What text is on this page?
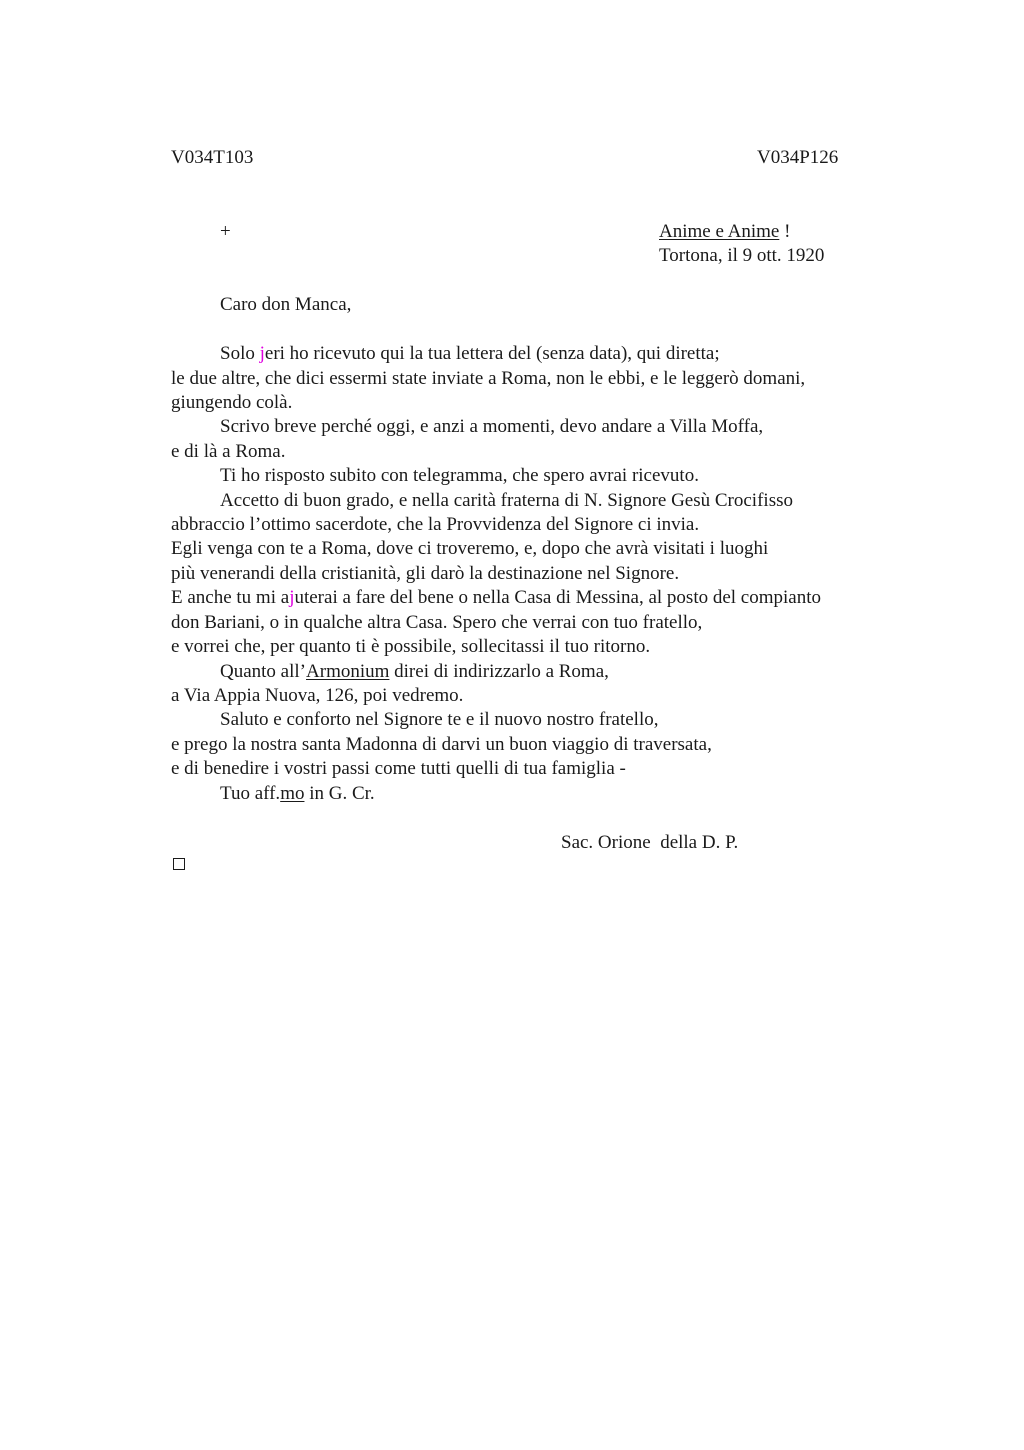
V034T103	V034P126
+	Anime e Anime !
Tortona, il 9 ott. 1920
Caro don Manca,
Solo jeri ho ricevuto qui la tua lettera del (senza data), qui diretta;
le due altre, che dici essermi state inviate a Roma, non le ebbi, e le leggerò domani,
giungendo colà.
Scrivo breve perché oggi, e anzi a momenti, devo andare a Villa Moffa,
e di là a Roma.
Ti ho risposto subito con telegramma, che spero avrai ricevuto.
Accetto di buon grado, e nella carità fraterna di N. Signore Gesù Crocifisso
abbraccio l’ottimo sacerdote, che la Provvidenza del Signore ci invia.
Egli venga con te a Roma, dove ci troveremo, e, dopo che avrà visitati i luoghi
più venerandi della cristianità, gli darò la destinazione nel Signore.
E anche tu mi ajuterai a fare del bene o nella Casa di Messina, al posto del compianto
don Bariani, o in qualche altra Casa. Spero che verrai con tuo fratello,
e vorrei che, per quanto ti è possibile, sollecitassi il tuo ritorno.
Quanto all’Armonium direi di indirizzarlo a Roma,
a Via Appia Nuova, 126, poi vedremo.
Saluto e conforto nel Signore te e il nuovo nostro fratello,
e prego la nostra santa Madonna di darvi un buon viaggio di traversata,
e di benedire i vostri passi come tutti quelli di tua famiglia -
Tuo aff.mo in G. Cr.
Sac. Orione  della D. P.
